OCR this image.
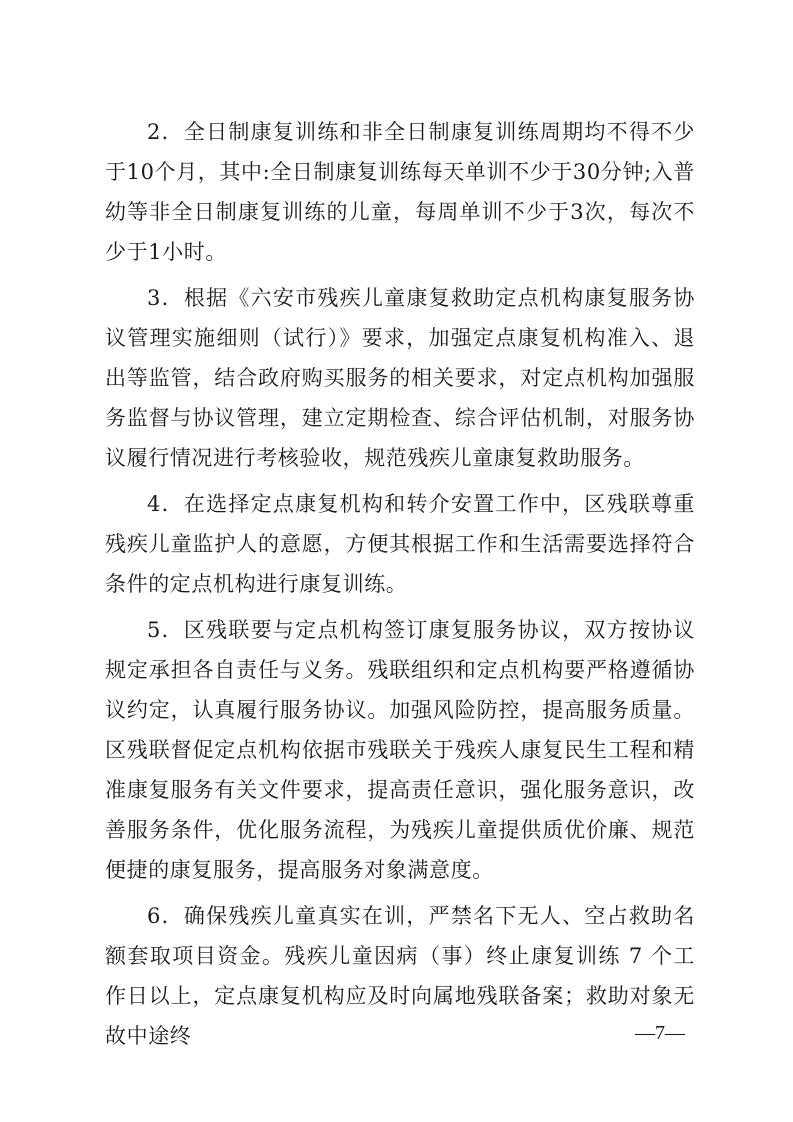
2．全日制康复训练和非全日制康复训练周期均不得不少于10个月，其中:全日制康复训练每天单训不少于30分钟;入普幼等非全日制康复训练的儿童，每周单训不少于3次，每次不少于1小时。

3．根据《六安市残疾儿童康复救助定点机构康复服务协议管理实施细则（试行）》要求，加强定点康复机构准入、退出等监管，结合政府购买服务的相关要求，对定点机构加强服务监督与协议管理，建立定期检查、综合评估机制，对服务协议履行情况进行考核验收，规范残疾儿童康复救助服务。

4．在选择定点康复机构和转介安置工作中，区残联尊重残疾儿童监护人的意愿，方便其根据工作和生活需要选择符合条件的定点机构进行康复训练。

5．区残联要与定点机构签订康复服务协议，双方按协议规定承担各自责任与义务。残联组织和定点机构要严格遵循协议约定，认真履行服务协议。加强风险防控，提高服务质量。区残联督促定点机构依据市残联关于残疾人康复民生工程和精准康复服务有关文件要求，提高责任意识，强化服务意识，改善服务条件，优化服务流程，为残疾儿童提供质优价廉、规范便捷的康复服务，提高服务对象满意度。

6．确保残疾儿童真实在训，严禁名下无人、空占救助名额套取项目资金。残疾儿童因病（事）终止康复训练 7 个工作日以上，定点康复机构应及时向属地残联备案；救助对象无故中途终	—7—
